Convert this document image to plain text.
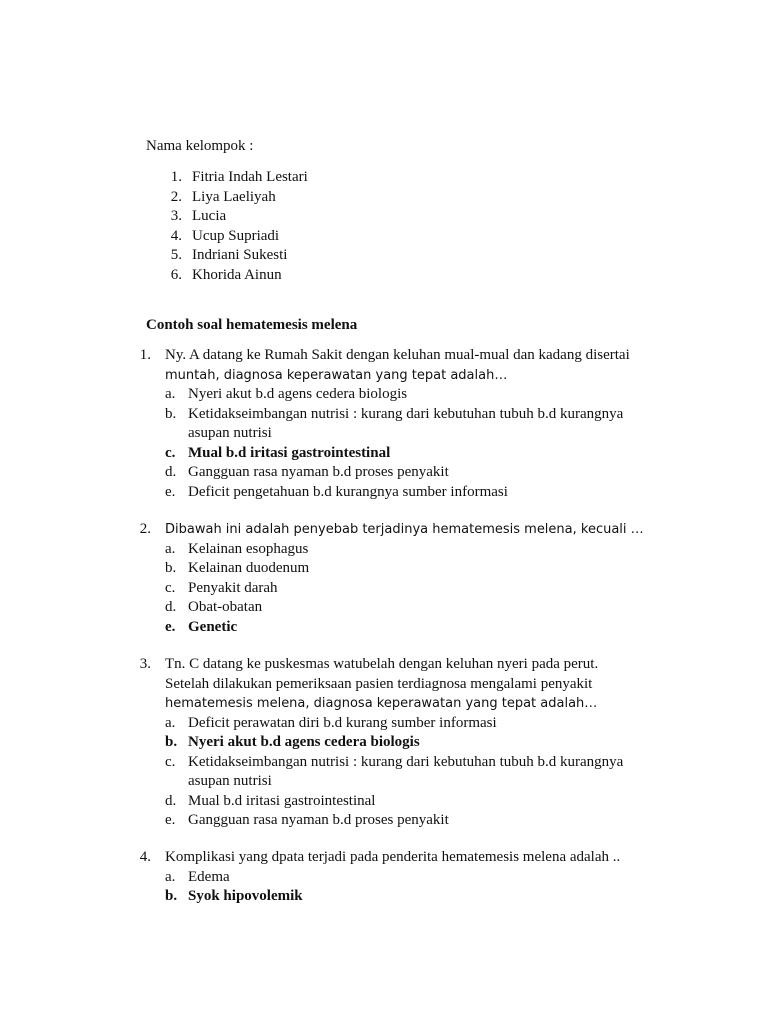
Nama kelompok :
1. Fitria Indah Lestari
2. Liya Laeliyah
3. Lucia
4. Ucup Supriadi
5. Indriani Sukesti
6. Khorida Ainun
Contoh soal hematemesis melena
1. Ny. A datang ke Rumah Sakit dengan keluhan mual-mual dan kadang disertai
muntah, diagnosa keperawatan yang tepat adalah…
a. Nyeri akut b.d agens cedera biologis
b. Ketidakseimbangan nutrisi : kurang dari kebutuhan tubuh b.d kurangnya asupan nutrisi
c. Mual b.d iritasi gastrointestinal
d. Gangguan rasa nyaman b.d proses penyakit
e. Deficit pengetahuan b.d kurangnya sumber informasi
2. Dibawah ini adalah penyebab terjadinya hematemesis melena, kecuali …
a. Kelainan esophagus
b. Kelainan duodenum
c. Penyakit darah
d. Obat-obatan
e. Genetic
3. Tn. C datang ke puskesmas watubelah dengan keluhan nyeri pada perut.
Setelah dilakukan pemeriksaan pasien terdiagnosa mengalami penyakit
hematemesis melena, diagnosa keperawatan yang tepat adalah…
a. Deficit perawatan diri b.d kurang sumber informasi
b. Nyeri akut b.d agens cedera biologis
c. Ketidakseimbangan nutrisi : kurang dari kebutuhan tubuh b.d kurangnya asupan nutrisi
d. Mual b.d iritasi gastrointestinal
e. Gangguan rasa nyaman b.d proses penyakit
4. Komplikasi yang dpata terjadi pada penderita hematemesis melena adalah ..
a. Edema
b. Syok hipovolemik
